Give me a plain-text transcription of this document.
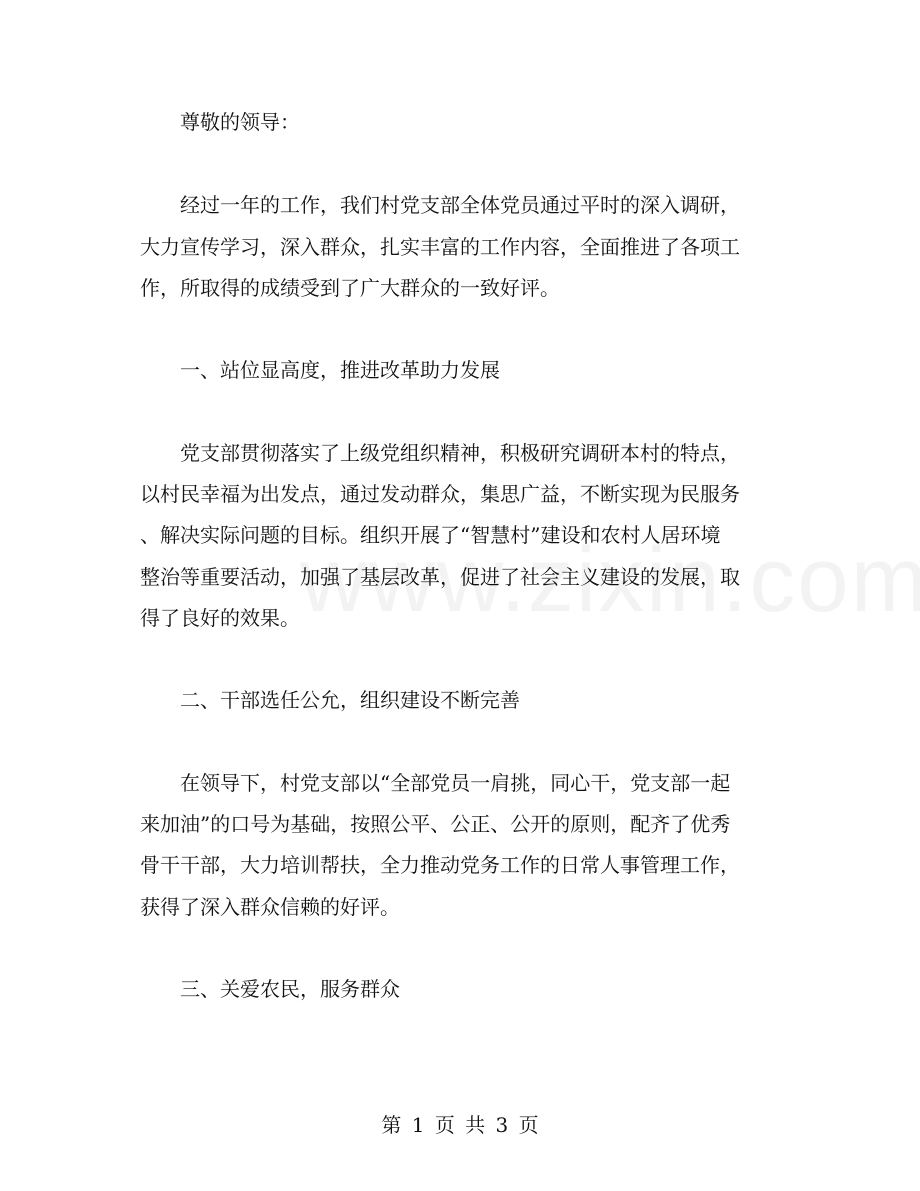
尊敬的领导：
经过一年的工作，我们村党支部全体党员通过平时的深入调研，
大力宣传学习，深入群众，扎实丰富的工作内容，全面推进了各项工
作，所取得的成绩受到了广大群众的一致好评。
一、站位显高度，推进改革助力发展
党支部贯彻落实了上级党组织精神，积极研究调研本村的特点，
以村民幸福为出发点，通过发动群众，集思广益，不断实现为民服务
、解决实际问题的目标。组织开展了“智慧村”建设和农村人居环境
整治等重要活动，加强了基层改革，促进了社会主义建设的发展，取
得了良好的效果。
二、干部选任公允，组织建设不断完善
在领导下，村党支部以“全部党员一肩挑，同心干，党支部一起
来加油”的口号为基础，按照公平、公正、公开的原则，配齐了优秀
骨干干部，大力培训帮扶，全力推动党务工作的日常人事管理工作，
获得了深入群众信赖的好评。
三、关爱农民，服务群众
第 1 页 共 3 页
